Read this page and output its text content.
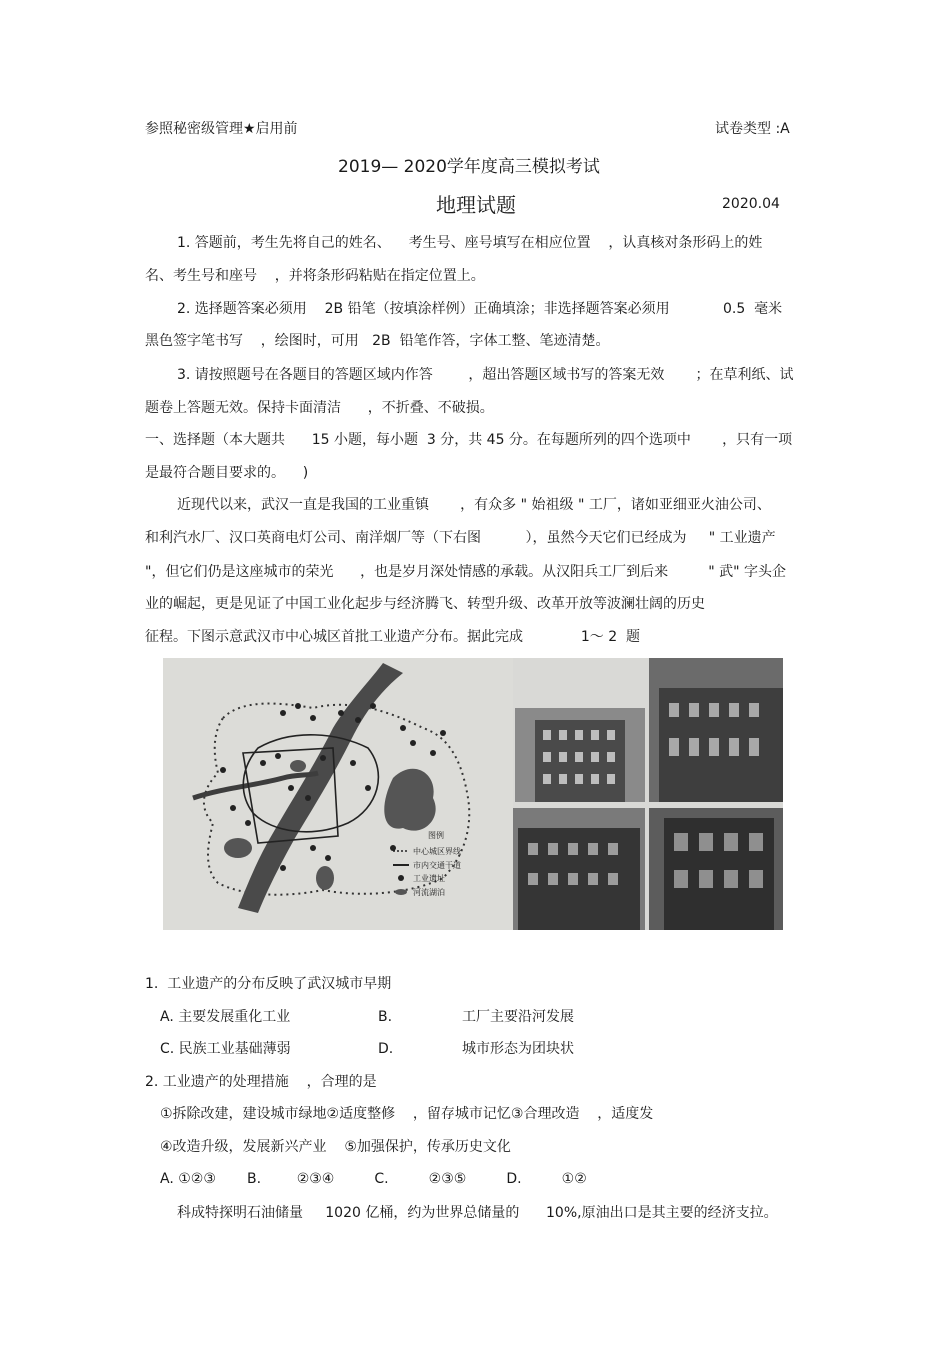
参照秘密级管理★启用前	试卷类型 :A
2019— 2020学年度高三模拟考试
地理试题	2020.04
1. 答题前，考生先将自己的姓名、    考生号、座号填写在相应位置    ，认真核对条形码上的姓
名、考生号和座号    ，并将条形码粘贴在指定位置上。
2. 选择题答案必须用    2B 铅笔（按填涂样例）正确填涂；非选择题答案必须用            0.5  毫米
黑色签字笔书写    ，绘图时，可用   2B  铅笔作答，字体工整、笔迹清楚。
3. 请按照题号在各题目的答题区域内作答        ，超出答题区域书写的答案无效       ；在草利纸、试
题卷上答题无效。保持卡面清洁      ，不折叠、不破损。
一、选择题（本大题共      15 小题，每小题  3 分，共 45 分。在每题所列的四个选项中       ，只有一项
是最符合题目要求的。    )
近现代以来，武汉一直是我国的工业重镇       ，有众多 " 始祖级 " 工厂，诸如亚细亚火油公司、
和利汽水厂、汉口英商电灯公司、南洋烟厂等（下右图          ），虽然今天它们已经成为     " 工业遗产
"，但它们仍是这座城市的荣光      ，也是岁月深处情感的承载。从汉阳兵工厂到后来         " 武" 字头企
业的崛起，更是见证了中国工业化起步与经济腾飞、转型升级、改革开放等波澜壮阔的历史
征程。下图示意武汉市中心城区首批工业遗产分布。据此完成             1～ 2  题
图例
中心城区界线
市内交通干道
工业遗址
河流湖泊
1.  工业遗产的分布反映了武汉城市早期
A. 主要发展重化工业	B.	工厂主要沿河发展
C. 民族工业基础薄弱	D.	城市形态为团块状
2. 工业遗产的处理措施    ，合理的是
①拆除改建，建设城市绿地②适度整修    ，留存城市记忆③合理改造    ，适度发
④改造升级，发展新兴产业    ⑤加强保护，传承历史文化
A. ①②③       B.        ②③④         C.         ②③⑤         D.         ①②
科成特探明石油储量     1020 亿桶，约为世界总储量的      10%,原油出口是其主要的经济支拉。
